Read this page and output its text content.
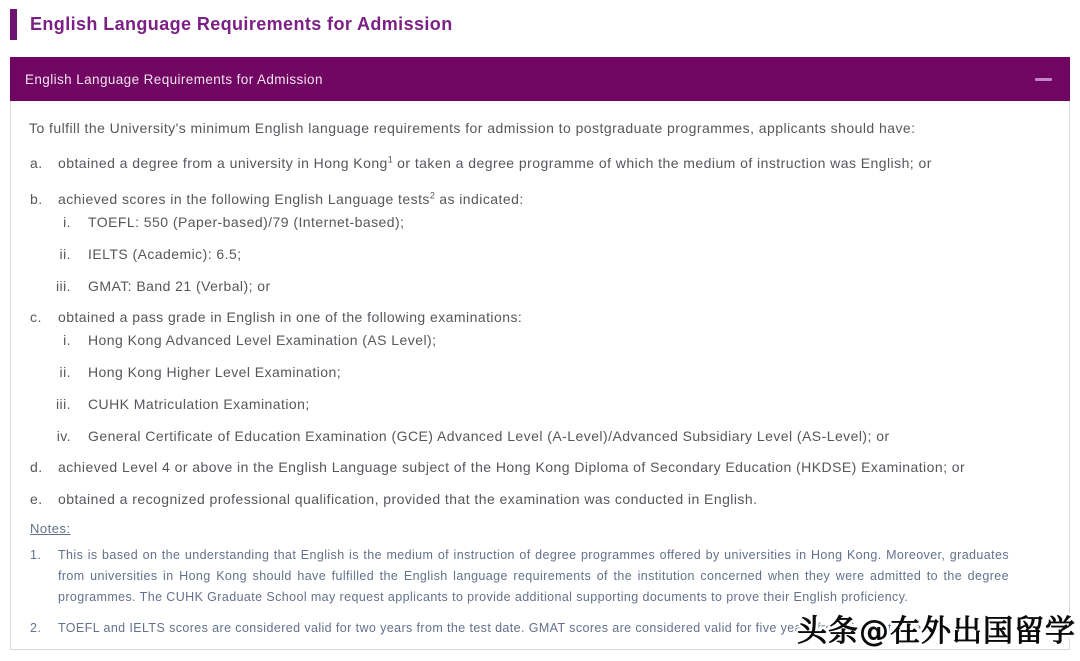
English Language Requirements for Admission
English Language Requirements for Admission

To fulfill the University's minimum English language requirements for admission to postgraduate programmes, applicants should have:

a.	obtained a degree from a university in Hong Kong$^1$ or taken a degree programme of which the medium of instruction was English; or
b.	achieved scores in the following English Language tests$^2$ as indicated:
i.	TOEFL: 550 (Paper-based)/79 (Internet-based);
ii.	IELTS (Academic): 6.5;
iii.	GMAT: Band 21 (Verbal); or
c.	obtained a pass grade in English in one of the following examinations:
i.	Hong Kong Advanced Level Examination (AS Level);
ii.	Hong Kong Higher Level Examination;
iii.	CUHK Matriculation Examination;
iv.	General Certificate of Education Examination (GCE) Advanced Level (A-Level)/Advanced Subsidiary Level (AS-Level); or
d.	achieved Level 4 or above in the English Language subject of the Hong Kong Diploma of Secondary Education (HKDSE) Examination; or
e.	obtained a recognized professional qualification, provided that the examination was conducted in English.
Notes:
1.	This is based on the understanding that English is the medium of instruction of degree programmes offered by universities in Hong Kong. Moreover, graduates from universities in Hong Kong should have fulfilled the English language requirements of the institution concerned when they were admitted to the degree programmes. The CUHK Graduate School may request applicants to provide additional supporting documents to prove their English proficiency.
2.	TOEFL and IELTS scores are considered valid for two years from the test date. GMAT scores are considered valid for five years from the test date.
头条@在外出国留学
